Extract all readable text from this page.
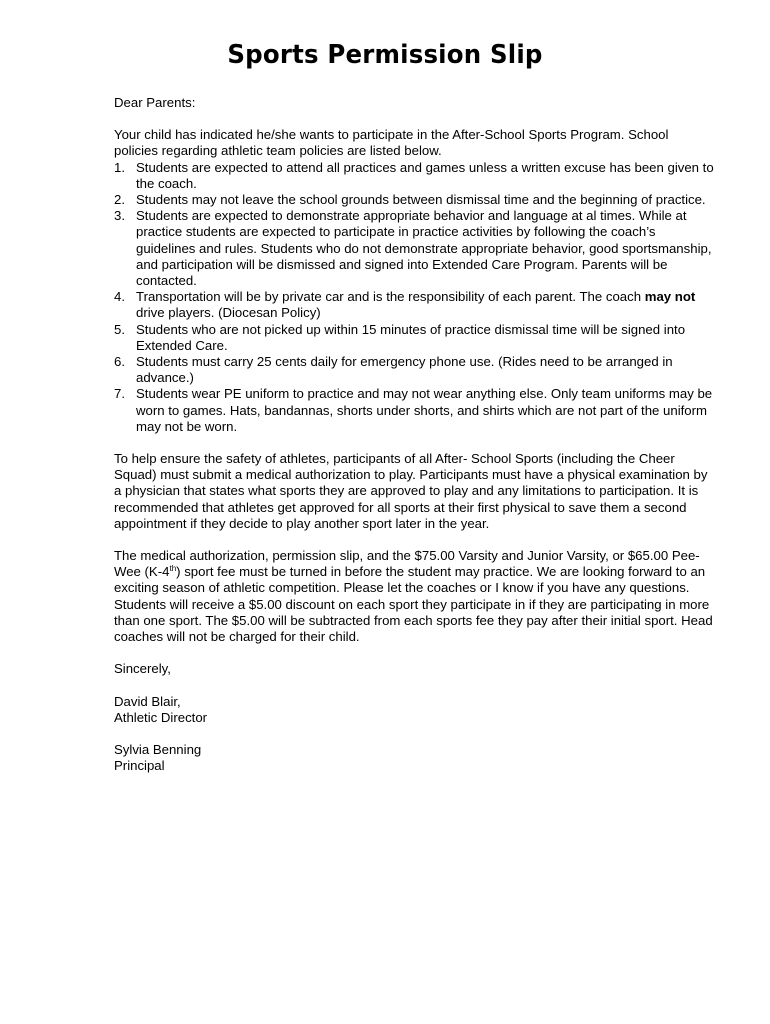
Sports Permission Slip

Dear Parents:

Your child has indicated he/she wants to participate in the After-School Sports Program. School policies regarding athletic team policies are listed below.

1. Students are expected to attend all practices and games unless a written excuse has been given to the coach.
2. Students may not leave the school grounds between dismissal time and the beginning of practice.
3. Students are expected to demonstrate appropriate behavior and language at al times. While at practice students are expected to participate in practice activities by following the coach’s guidelines and rules. Students who do not demonstrate appropriate behavior, good sportsmanship, and participation will be dismissed and signed into Extended Care Program. Parents will be contacted.
4. Transportation will be by private car and is the responsibility of each parent. The coach may not drive players. (Diocesan Policy)
5. Students who are not picked up within 15 minutes of practice dismissal time will be signed into Extended Care.
6. Students must carry 25 cents daily for emergency phone use. (Rides need to be arranged in advance.)
7. Students wear PE uniform to practice and may not wear anything else. Only team uniforms may be worn to games. Hats, bandannas, shorts under shorts, and shirts which are not part of the uniform may not be worn.

To help ensure the safety of athletes, participants of all After- School Sports (including the Cheer Squad) must submit a medical authorization to play. Participants must have a physical examination by a physician that states what sports they are approved to play and any limitations to participation. It is recommended that athletes get approved for all sports at their first physical to save them a second appointment if they decide to play another sport later in the year.

The medical authorization, permission slip, and the $75.00 Varsity and Junior Varsity, or $65.00 Pee-Wee (K-4th) sport fee must be turned in before the student may practice. We are looking forward to an exciting season of athletic competition. Please let the coaches or I know if you have any questions. Students will receive a $5.00 discount on each sport they participate in if they are participating in more than one sport. The $5.00 will be subtracted from each sports fee they pay after their initial sport. Head coaches will not be charged for their child.

Sincerely,

David Blair,

Athletic Director

Sylvia Benning

Principal
